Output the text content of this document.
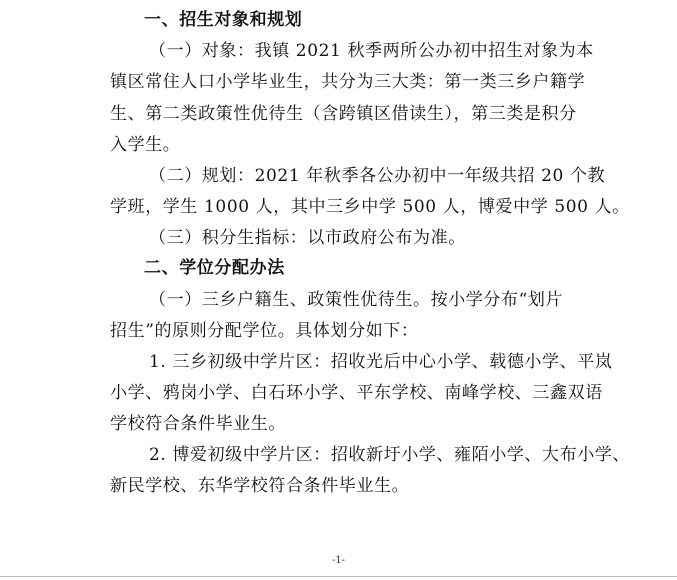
一、招生对象和规划
（一）对象：我镇 2021 秋季两所公办初中招生对象为本
镇区常住人口小学毕业生，共分为三大类：第一类三乡户籍学
生、第二类政策性优待生（含跨镇区借读生），第三类是积分
入学生。
（二）规划：2021 年秋季各公办初中一年级共招 20 个教
学班，学生 1000 人，其中三乡中学 500 人，博爱中学 500 人。
（三）积分生指标：以市政府公布为准。
二、学位分配办法
（一）三乡户籍生、政策性优待生。按小学分布“划片
招生”的原则分配学位。具体划分如下：
1. 三乡初级中学片区：招收光后中心小学、载德小学、平岚
小学、鸦岗小学、白石环小学、平东学校、南峰学校、三鑫双语
学校符合条件毕业生。
2. 博爱初级中学片区：招收新圩小学、雍陌小学、大布小学、
新民学校、东华学校符合条件毕业生。
-1-
